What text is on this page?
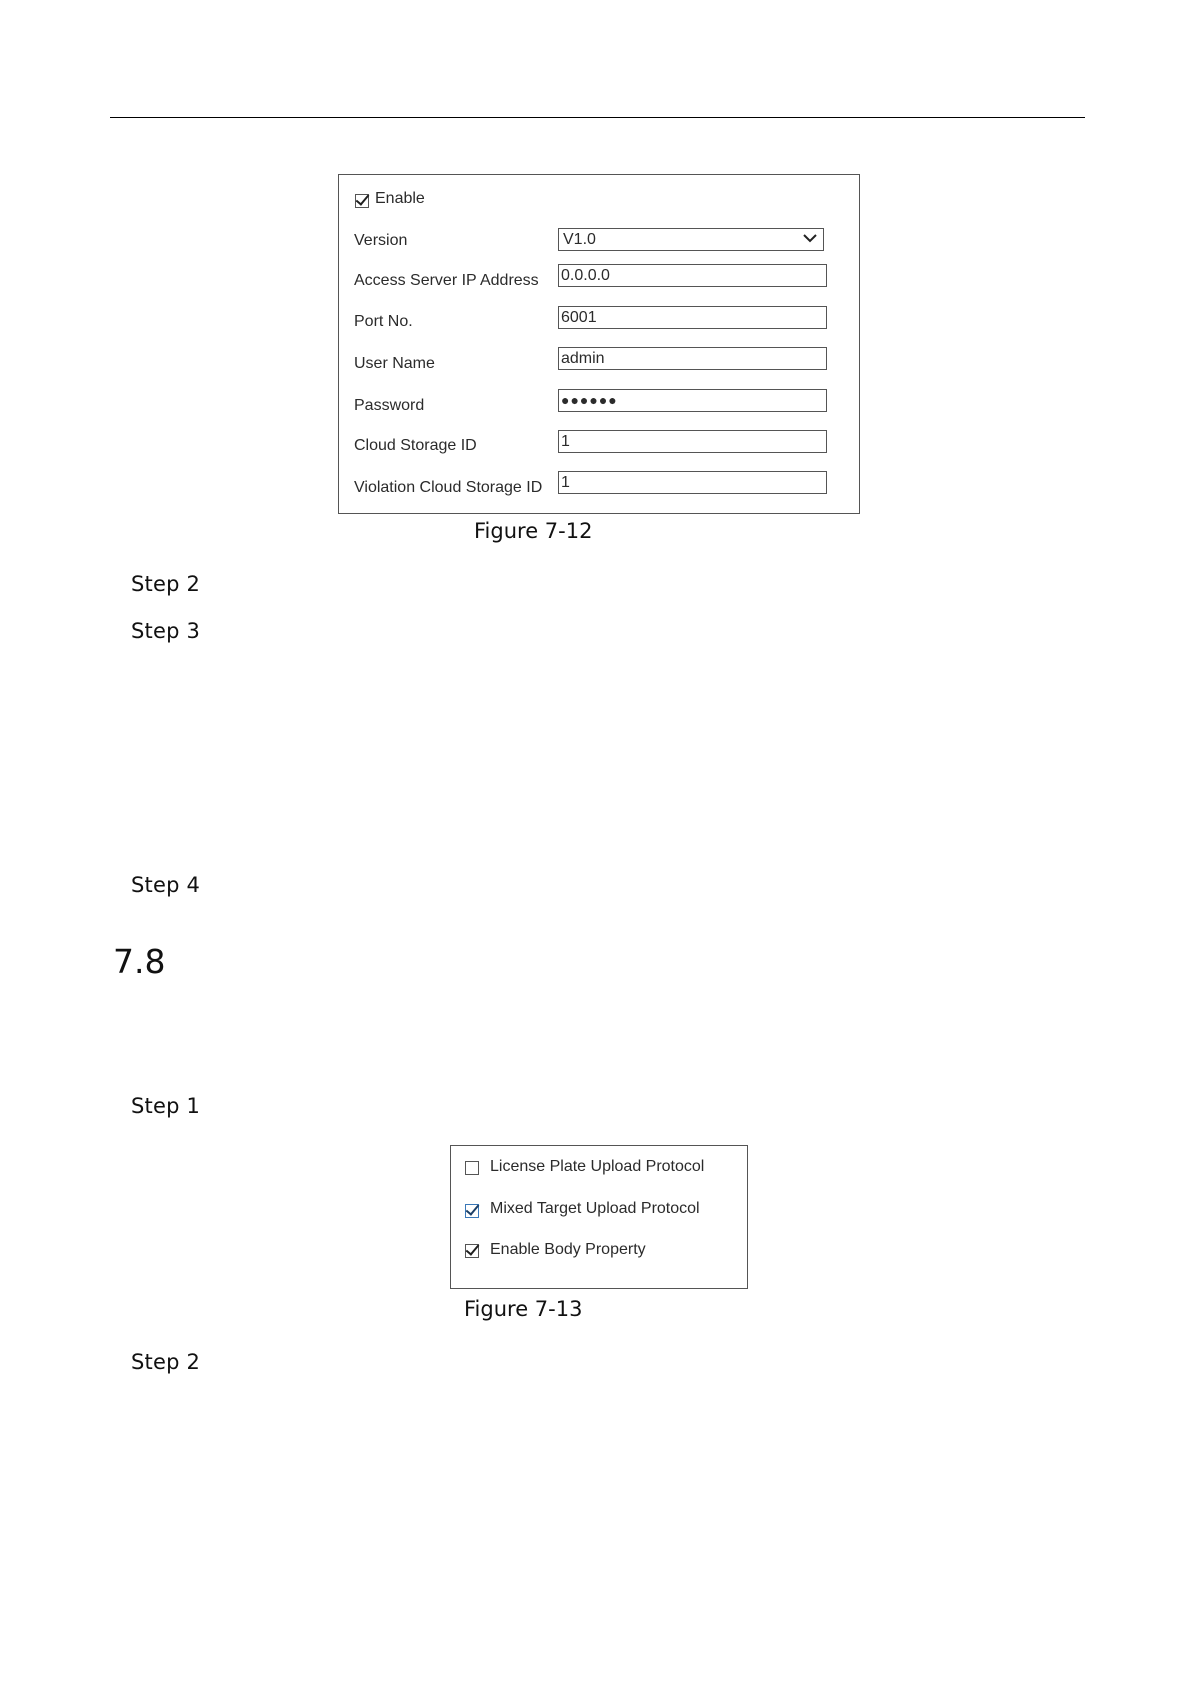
Enable
Version	V1.0
Access Server IP Address 0.0.0.0
Port No.	6001
User Name	admin
Password	●●●●●●
Cloud Storage ID	1
Violation Cloud Storage ID 1
Figure 7-12
Step 2
Step 3
Step 4
7.8
Step 1
License Plate Upload Protocol
Mixed Target Upload Protocol
Enable Body Property
Figure 7-13
Step 2
